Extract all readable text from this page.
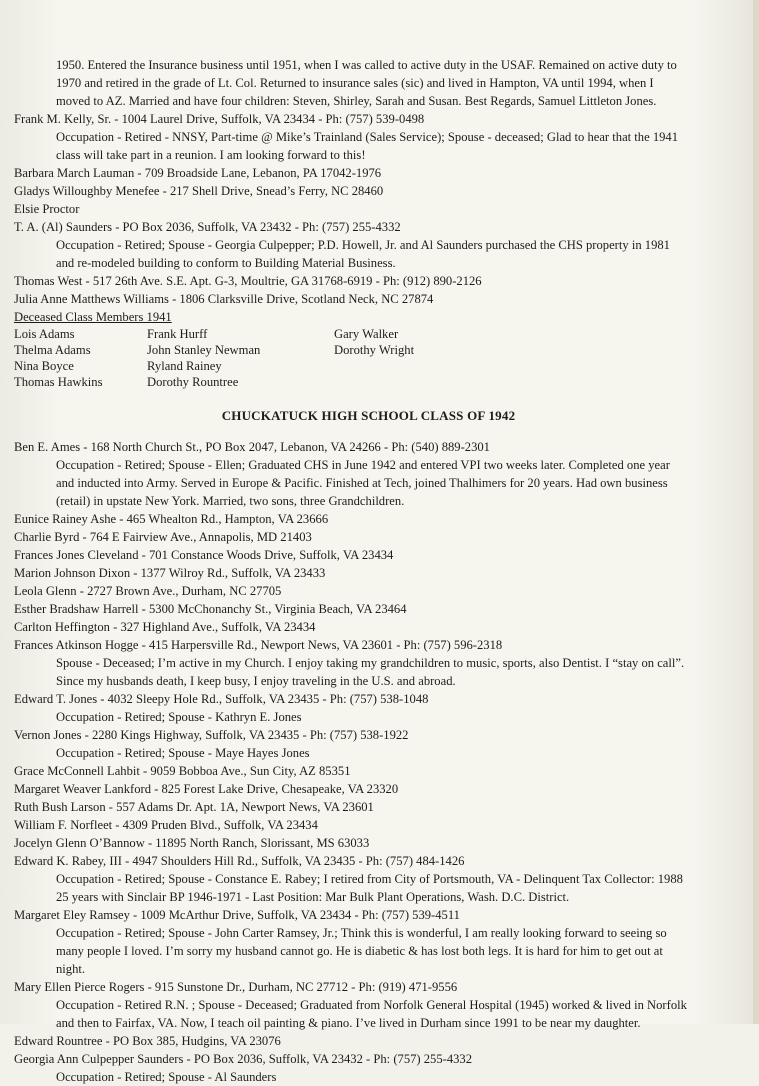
1950. Entered the Insurance business until 1951, when I was called to active duty in the USAF. Remained on active duty to

1970 and retired in the grade of Lt. Col. Returned to insurance sales (sic) and lived in Hampton, VA until 1994, when I

moved to AZ. Married and have four children: Steven, Shirley, Sarah and Susan. Best Regards, Samuel Littleton Jones.

Frank M. Kelly, Sr. - 1004 Laurel Drive, Suffolk, VA 23434 - Ph: (757) 539-0498

Occupation - Retired - NNSY, Part-time @ Mike’s Trainland (Sales Service); Spouse - deceased; Glad to hear that the 1941

class will take part in a reunion. I am looking forward to this!

Barbara March Lauman - 709 Broadside Lane, Lebanon, PA 17042-1976

Gladys Willoughby Menefee - 217 Shell Drive, Snead’s Ferry, NC 28460

Elsie Proctor

T. A. (Al) Saunders - PO Box 2036, Suffolk, VA 23432 - Ph: (757) 255-4332

Occupation - Retired; Spouse - Georgia Culpepper; P.D. Howell, Jr. and Al Saunders purchased the CHS property in 1981

and re-modeled building to conform to Building Material Business.

Thomas West - 517 26th Ave. S.E. Apt. G-3, Moultrie, GA 31768-6919 - Ph: (912) 890-2126

Julia Anne Matthews Williams - 1806 Clarksville Drive, Scotland Neck, NC 27874

Deceased Class Members 1941

Lois Adams
Thelma Adams
Nina Boyce
Thomas Hawkins
Frank Hurff
John Stanley Newman
Ryland Rainey
Dorothy Rountree
Gary Walker
Dorothy Wright
CHUCKATUCK HIGH SCHOOL CLASS OF 1942

Ben E. Ames - 168 North Church St., PO Box 2047, Lebanon, VA 24266 - Ph: (540) 889-2301

Occupation - Retired; Spouse - Ellen; Graduated CHS in June 1942 and entered VPI two weeks later. Completed one year

and inducted into Army. Served in Europe & Pacific. Finished at Tech, joined Thalhimers for 20 years. Had own business

(retail) in upstate New York. Married, two sons, three Grandchildren.

Eunice Rainey Ashe - 465 Whealton Rd., Hampton, VA 23666

Charlie Byrd - 764 E Fairview Ave., Annapolis, MD 21403

Frances Jones Cleveland - 701 Constance Woods Drive, Suffolk, VA 23434

Marion Johnson Dixon - 1377 Wilroy Rd., Suffolk, VA 23433

Leola Glenn - 2727 Brown Ave., Durham, NC 27705

Esther Bradshaw Harrell - 5300 McChonanchy St., Virginia Beach, VA 23464

Carlton Heffington - 327 Highland Ave., Suffolk, VA 23434

Frances Atkinson Hogge - 415 Harpersville Rd., Newport News, VA 23601 - Ph: (757) 596-2318

Spouse - Deceased; I’m active in my Church. I enjoy taking my grandchildren to music, sports, also Dentist. I “stay on call”.

Since my husbands death, I keep busy, I enjoy traveling in the U.S. and abroad.

Edward T. Jones - 4032 Sleepy Hole Rd., Suffolk, VA 23435 - Ph: (757) 538-1048

Occupation - Retired; Spouse - Kathryn E. Jones

Vernon Jones - 2280 Kings Highway, Suffolk, VA 23435 - Ph: (757) 538-1922

Occupation - Retired; Spouse - Maye Hayes Jones

Grace McConnell Lahbit - 9059 Bobboa Ave., Sun City, AZ 85351

Margaret Weaver Lankford - 825 Forest Lake Drive, Chesapeake, VA 23320

Ruth Bush Larson - 557 Adams Dr. Apt. 1A, Newport News, VA 23601

William F. Norfleet - 4309 Pruden Blvd., Suffolk, VA 23434

Jocelyn Glenn O’Bannow - 11895 North Ranch, Slorissant, MS 63033

Edward K. Rabey, III - 4947 Shoulders Hill Rd., Suffolk, VA 23435 - Ph: (757) 484-1426

Occupation - Retired; Spouse - Constance E. Rabey; I retired from City of Portsmouth, VA - Delinquent Tax Collector: 1988

25 years with Sinclair BP 1946-1971 - Last Position: Mar Bulk Plant Operations, Wash. D.C. District.

Margaret Eley Ramsey - 1009 McArthur Drive, Suffolk, VA 23434 - Ph: (757) 539-4511

Occupation - Retired; Spouse - John Carter Ramsey, Jr.; Think this is wonderful, I am really looking forward to seeing so

many people I loved. I’m sorry my husband cannot go. He is diabetic & has lost both legs. It is hard for him to get out at

night.

Mary Ellen Pierce Rogers - 915 Sunstone Dr., Durham, NC 27712 - Ph: (919) 471-9556

Occupation - Retired R.N. ; Spouse - Deceased; Graduated from Norfolk General Hospital (1945) worked & lived in Norfolk

and then to Fairfax, VA. Now, I teach oil painting & piano. I’ve lived in Durham since 1991 to be near my daughter.

Edward Rountree - PO Box 385, Hudgins, VA 23076

Georgia Ann Culpepper Saunders - PO Box 2036, Suffolk, VA 23432 - Ph: (757) 255-4332

Occupation - Retired; Spouse - Al Saunders
